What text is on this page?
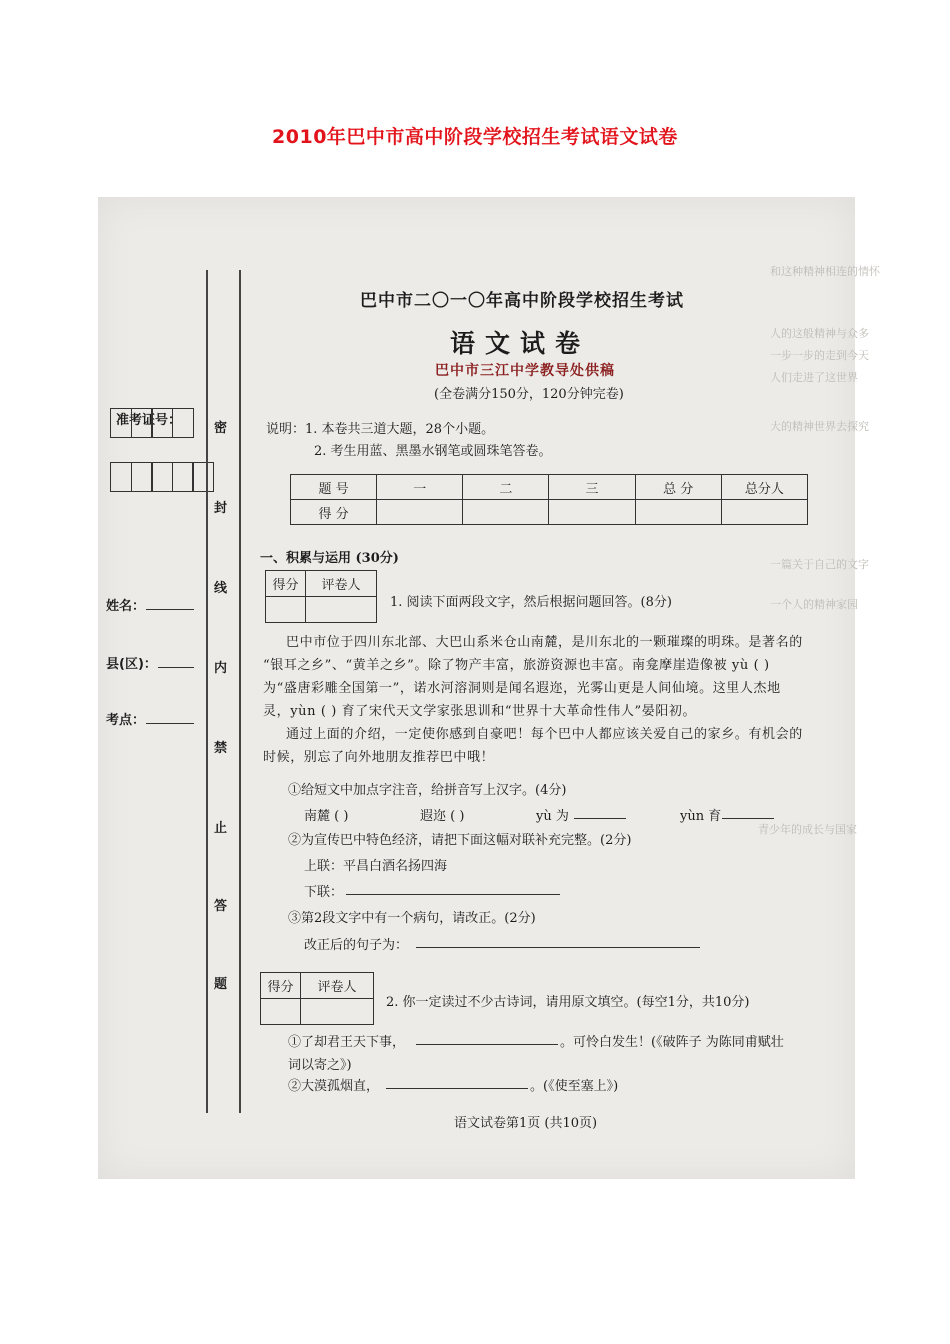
2010年巴中市高中阶段学校招生考试语文试卷
和这种精神相连的情怀
人的这般精神与众多
一步一步的走到今天
人们走进了这世界
大的精神世界去探究
一篇关于自己的文字
一个人的精神家园
青少年的成长与国家
准考证号：
姓名：
县(区)：
考点：
密
封
线
内
禁
止
答
题
巴中市二〇一〇年高中阶段学校招生考试
语文试卷
巴中市三江中学教导处供稿
(全卷满分150分，120分钟完卷)
说明：1. 本卷共三道大题，28个小题。
2. 考生用蓝、黑墨水钢笔或圆珠笔答卷。
题 号	一	二	三	总 分	总分人
得 分					
一、积累与运用 (30分)
得分	评卷人

1. 阅读下面两段文字，然后根据问题回答。(8分)
巴中市位于四川东北部、大巴山系米仓山南麓，是川东北的一颗璀璨的明珠。是著名的
“银耳之乡”、“黄羊之乡”。除了物产丰富，旅游资源也丰富。南龛摩崖造像被 yù ( )
为“盛唐彩雕全国第一”，诺水河溶洞则是闻名遐迩，光雾山更是人间仙境。这里人杰地
灵，yùn ( ) 育了宋代天文学家张思训和“世界十大革命性伟人”晏阳初。
通过上面的介绍，一定使你感到自豪吧！每个巴中人都应该关爱自己的家乡。有机会的
时候，别忘了向外地朋友推荐巴中哦！
①给短文中加点字注音，给拼音写上汉字。(4分)
南麓 ( )	遐迩 ( )	yù 为	yùn 育
②为宣传巴中特色经济，请把下面这幅对联补充完整。(2分)
上联：平昌白酒名扬四海
下联：
③第2段文字中有一个病句，请改正。(2分)
改正后的句子为：
得分	评卷人

2. 你一定读过不少古诗词，请用原文填空。(每空1分，共10分)
①了却君王天下事，	。可怜白发生！(《破阵子 为陈同甫赋壮
词以寄之》)
②大漠孤烟直，	。(《使至塞上》)
语文试卷第1页 (共10页)
